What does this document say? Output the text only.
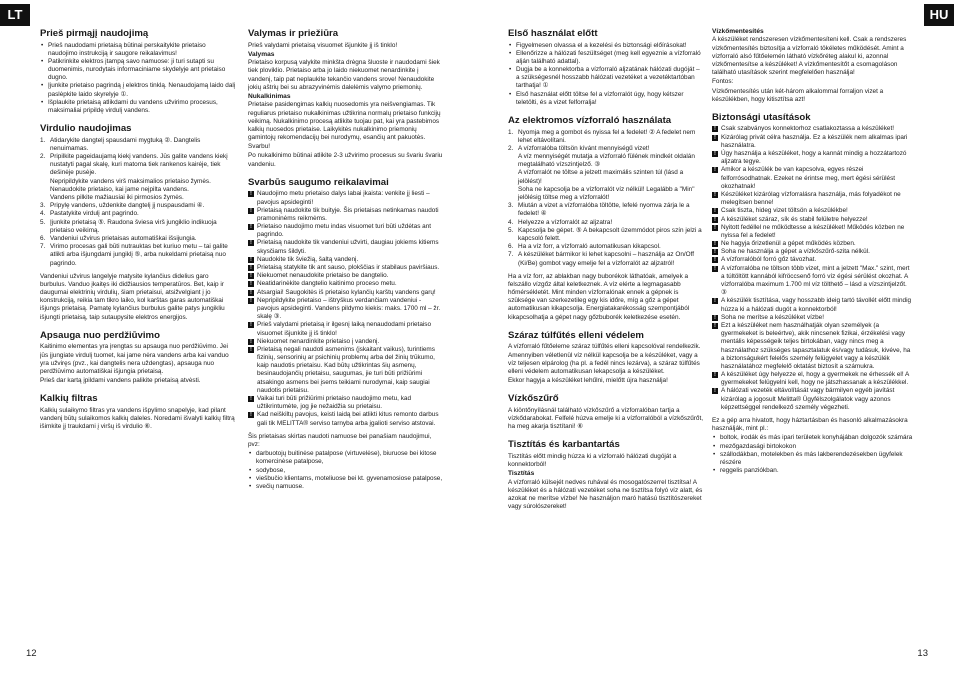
LT	HU
Prieš pirmąjį naudojimą
• Prieš naudodami prietaisą būtinai perskaitykite prietaiso naudojimo instrukciją ir saugore reikalavimus!
• Patikrinkite elektros įtampą savo namuose: ji turi sutapti su duomenimis, nurodytais informaciniame skydelyje ant prietaiso dugno.
• Įjunkite prietaiso pagrindą į elektros tinklą. Nenaudojamą laido dalį paslėpkite laido skyrelyje ①.
• Išplaukite prietaisą atlikdami du vandens užvirimo procesus, maksimaliai pripildę virdulį vandens.
Virdulio naudojimas
1. Atidarykite dangtelį spausdami mygtuką ②. Dangtelis nenuimamas.
2. Pripilkite pageidaujamą kiekį vandens. Jūs galite vandens kiekį nustatyti pagal skalę, kuri matoma tiek rankenos kairėje, tiek dešinėje pusėje.
Nepripildykite vandens virš maksimalios prietaiso žymės.
Nenaudokite prietaiso, kai jame neįpilta vandens.
Vandens pilkite mažiausiai iki pirmosios žymės.
3. Pripylę vandens, uždenkite dangtelį jį nuspausdami ④.
4. Pastatykite virdulį ant pagrindo.
5. Įjunkite prietaisą ⑤. Raudona šviesa virš jungiklio indikuoja prietaiso veikimą.
6. Vandeniui užvirus prietaisas automatiškai išsijungia.
7. Virimo procesas gali būti nutrauktas bet kuriuo metu – tai galite atlikti arba išjungdami jungiklį ⑤, arba nukeldami prietaisą nuo pagrindo.

Vandeniui užvirus langelyje matysite kylančius didelius garo burbulus. Vanduo įkaitęs iki didžiausios temperatūros. Bet, kaip ir daugumai elektrinių virdulių, šiam prietaisui, atsižvelgiant į jo konstrukciją, reikia tam tikro laiko, kol karštas garas automatiškai išjungs prietaisą. Pamatę kylančius burbulus galite patys jungikliu išjungti prietaisą, taip sutaupysite elektros energijos.

Apsauga nuo perdžiūvimo

Kaitinimo elementas yra įrengtas su apsauga nuo perdžiūvimo. Jei jūs įjungiate virdulį tuomet, kai jame nėra vandens arba kai vanduo yra užviręs (pvz., kai dangtelis nera uždengtas), apsauga nuo perdžiūvimo automatiškai išjungia prietaisą.

Prieš dar kartą įpildami vandens palikite prietaisą atvėsti.

Kalkių filtras

Kalkių sulaikymo filtras yra vandens išpylimo snapelyje, kad pilant vandenį būtų sulaikomos kalkių daleles. Noredami išvalyti kalkių filtrą išimkite jį traukdami į viršų iš virdulio ⑥.

Valymas ir priežiūra

Prieš valydami prietaisą visuomet išjunkite jį iš tinklo!

Valymas

Prietaiso korpusą valykite minkšta drėgna šluoste ir naudodami šiek tiek ploviklio. Prietaiso arba jo laido niekuomet nenardinkite į vandenį, taip pat neplaukite tekančio vandens srove! Nenaudokite jokių aštrių bei su abrazyvinėmis dalelėmis valymo priemonių.

Nukalkinimas

Prietaise pasidengimas kalkių nuosedomis yra neišvengiamas. Tik reguliarus prietaiso nukalkinimas užtikrina normalų prietaiso funkcijų veikimą. Nukalkinimo procesą atlikite tuojau pat, kai yra pastebimos kalkių nuosedos prietaise. Laikykitės nukalkinimo priemonių gamintojų rekomendacijų bei nurodymų, esančių ant pakuotės.

Svarbu!

Po nukalkinimo būtinai atlikite 2-3 užvirimo procesus su švariu švariu vandeniu.

Svarbūs saugumo reikalavimai
! Naudojimo metu prietaiso dalys labai įkaista: venkite jį liesti – pavojus apsideginti!
! Prietaisą naudokite tik buityje. Šis prietaisas netinkamas naudoti pramoninėms reikmėms.
! Prietaiso naudojimo metu indas visuomet turi būti uždėtas ant pagrindo.
! Prietaisą naudokite tik vandeniui užvirti, daugiau jokiems kitiems skysčiams šildyti.
! Naudokite tik šviežią, šaltą vandenį.
! Prietaisą statykite tik ant sauso, plokščias ir stabilaus paviršiaus.
! Niekuomet nenaudokite prietaiso be dangtelio.
! Neatidarinėkite dangtelio kaitinimo proceso metu.
! Atsargiai! Saugokitės iš prietaiso kylančių karštų vandens garų!
! Nepripildykite prietaiso – ištryškus verdančiam vandeniui - pavojus apsideginti. Vandens pildymo kiekis: maks. 1700 ml – žr. skalę ③.
! Prieš valydami prietaisą ir ilgesnį laiką nenaudodami prietaiso visuomet išjunkite jį iš tinklo!
! Niekuomet nenardinkite prietaiso į vandenį.
! Prietaisą negali naudoti asmenims (įskaitant vaikus), turintiems fizinių, sensorinių ar psichinių problemų arba del žinių trūkumo, kaip naudotis prietaisu. Kad būtų užtikrintas šių asmenų, besinaudojančių prietaisu, saugumas, jie turi būti prižiūrimi atsakingo asmens bei įsems teikiami nurodymai, kaip saugiai naudotis prietaisu.
! Vaikai turi būti prižiūrimi prietaiso naudojimo metu, kad užtikrintumėte, jog jie nežaidžia su prietaisu.
! Kad neiškiltų pavojus, keisti laidą bei atlikti kitus remonto darbus gali tik MELITTA® serviso tarnyba arba įgalioti serviso atstovai.

Šis prietaisas skirtas naudoti namuose bei panašiam naudojimui, pvz:

• darbuotojų buitinėse patalpose (virtuvelėse), biuruose bei kitose komercinėse patalpose,
• sodybose,
• viešbučio klientams, moteliuose bei kt. gyvenamosiose patalpose,
• svečių namuose.
Első használat előtt
• Figyelmesen olvassa el a kezelési és biztonsági előírásokat!
• Ellenőrizze a hálózati feszültséget (meg kell egyeznie a vízforraló alján található adattal).
• Dugja be a konnektorba a vízforraló aljzatának hálózati dugóját – a szükségesnél hosszabb hálózati vezetéket a vezetéktartóban tarthatja! ①
• Első használat előtt töltse fel a vízforralót úgy, hogy kétszer teletölti, és a vizet felforralja!
Az elektromos vízforraló használata
1. Nyomja meg a gombot és nyissa fel a fedelet! ② A fedelet nem lehet eltávolítani.
2. A vízforralóba töltsön kívánt mennyiségű vizet!
A víz mennyiségét mutatja a vízforraló fülének mindkét oldalán megtalálható vízszintjelző. ③
A vízforralót ne töltse a jelzett maximális szinten túl (lásd a jelölést)!
Soha ne kapcsolja be a vízforralót víz nélkül! Legalább a "Min" jelölésig töltse meg a vízforralót!
3. Miután a vizet a vízforralóba töltötte, lefelé nyomva zárja le a fedelet! ④
4. Helyezze a vízforralót az aljzatra!
5. Kapcsolja be gépet. ⑤ A bekapcsolt üzemmódot piros szín jelzi a kapcsoló felett.
6. Ha a víz forr, a vízforraló automatikusan kikapcsol.
7. A készüléket bármikor ki lehet kapcsolni – használja az On/Off (Ki/Be) gombot vagy emelje fel a vízforralót az aljzatról!

Ha a víz forr, az ablakban nagy buborékok láthatóak, amelyek a felszállo vízgőz által keletkeznek. A víz elérte a legmagasabb hőmérsékletét. Mint minden vízforralónak ennek a gépnek is szüksége van szerkezetileg egy kis időre, míg a gőz a gépet automatikusan kikapcsolja. Energiatakarékosság szempontjából kikapcsolhatja a gépet nagy gőzbuborék keletkezése esetén.

Száraz túlfűtés elleni védelem

A vízforraló fűtőeleme száraz túlfűtés elleni kapcsolóval rendelkezik. Amennyiben véletlenül víz nélkül kapcsolja be a készüléket, vagy a víz teljesen elpárolog (ha pl. a fedél nincs lezárva), a száraz túlfűtés elleni védelem automatikusan lekapcsolja a készüléket.

Ekkor hagyja a készüléket lehűlni, mielőtt újra használja!

Vízkőszűrő

A kiöntőnyílásnál található vízkőszűrő a vízforralóban tartja a vízkődarabokat. Felfelé húzva emelje ki a vízforralóból a vízkőszűrőt, ha meg akarja tisztítani! ⑥

Tisztítás és karbantartás

Tisztítás előtt mindig húzza ki a vízforraló hálózati dugóját a konnektorból!

Tisztítás

A vízforraló külsejét nedves ruhával és mosogatószerrel tisztítsa! A készüléket és a hálózati vezetéket soha ne tisztítsa folyó víz alatt, és azokat ne merítse vízbe! Ne használjon maró hatású tisztítószereket vagy súrolószereket!

Vízkőmentesítés

A készüléket rendszeresen vízkőmentesíteni kell. Csak a rendszeres vízkőmentesítés biztosítja a vízforraló tökéletes működését. Amint a vízforraló alsó fűtőelemén látható vízkőréteg alakul ki, azonnal vízkőmentesítse a készüléket! A vízkőmentesítőt a csomagoláson található utasítások szerint megfelelően használja!

Fontos:

Vízkőmentesítés után két-három alkalommal forraljon vizet a készülékben, hogy kitisztítsa azt!

Biztonsági utasítások
! Csak szabványos konnektorhoz csatlakoztassa a készüléket!
! Kizárólag privát célra használja. Ez a készülék nem alkalmas ipari használatra.
! Úgy használja a készüléket, hogy a kannát mindig a hozzátartozó aljzatra tegye.
! Amikor a készülék be van kapcsolva, egyes részei felforrósodhatnak. Ezeket ne érintse meg, mert égési sérülést okozhatnak!
! Készüléket kizárólag vízforralásra használja, más folyadékot ne melegítsen benne!
! Csak tiszta, hideg vizet töltsön a készülékbe!
! A készüléket száraz, sík és stabil felületre helyezze!
! Nyitott fedéllel ne működtesse a készüléket! Működés közben ne nyissa fel a fedelet!
! Ne hagyja őrizetlenül a gépet működés közben.
! Soha ne használja a gépet a vízkőszűrő-szita nélkül.
! A vízforralóból forró gőz távozhat.
! A vízforralóba ne töltson több vizet, mint a jelzett "Max." szint, mert a túltöltött kannából kifröccsenő forró víz égési sérülést okozhat. A vízforralóba maximum 1.700 ml víz tölthető – lásd a vízszintjelzőt. ③
! A készülék tisztítása, vagy hosszabb ideig tartó távollét előtt mindig húzza ki a hálózati dugót a konnektorból!
! Soha ne merítse a készüléket vízbe!
! Ezt a készüléket nem használhatják olyan személyek (a gyermekeket is beleértve), akik nincsenek fizikai, érzékelési vagy mentális képességeik teljes birtokában, vagy nincs meg a használathoz szükséges tapasztalatuk és/vagy tudásuk, kivéve, ha a biztonságukért felelős személy felügyelet vagy a készülék használatához megfelelő oktatást biztosít a számukra.
! A készüléket úgy helyezze el, hogy a gyermekek ne érhessék el! A gyermekeket felügyelni kell, hogy ne játszhassanak a készülékkel.
! A hálózati vezeték eltávolítását vagy bármilyen egyéb javítást kizárólag a jogosult Melitta® Ügyfélszolgálatok vagy azonos képzettséggel rendelkező személy végezheti.

Ez a gép arra hivatott, hogy háztartásban és hasonló alkalmazásokra használják, mint pl.:

• boltok, irodák és más ipari területek konyhájában dolgozók számára
• mezőgazdasági birtokokon
• szállodákban, motelekben és más lakberendezésekben ügyfelek részére
• reggelis panziókban.
12	13
